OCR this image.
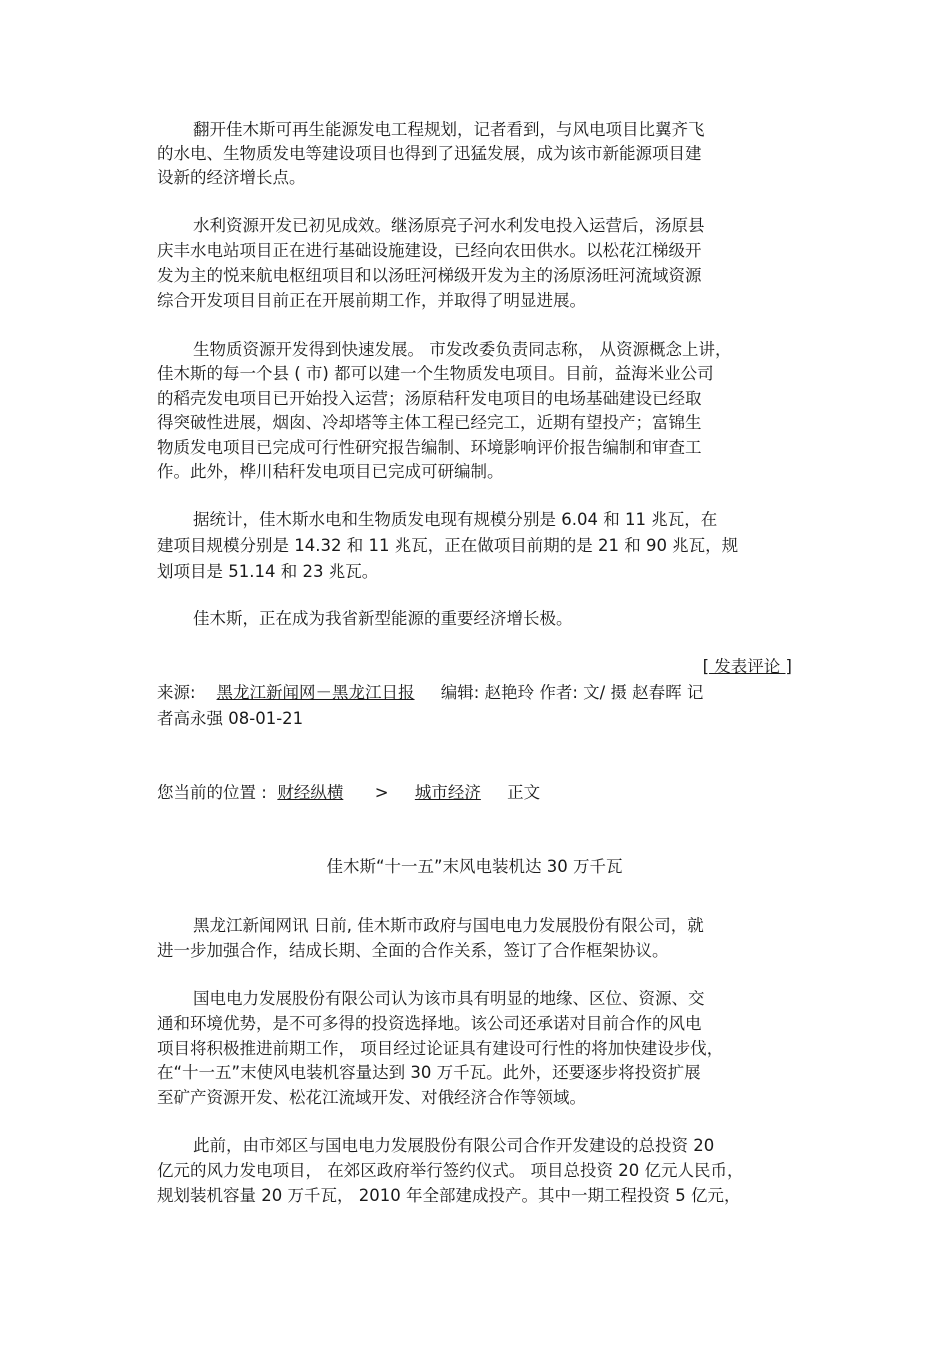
翻开佳木斯可再生能源发电工程规划，记者看到，与风电项目比翼齐飞

的水电、生物质发电等建设项目也得到了迅猛发展，成为该市新能源项目建

设新的经济增长点。

水利资源开发已初见成效。继汤原亮子河水利发电投入运营后，汤原县

庆丰水电站项目正在进行基础设施建设，已经向农田供水。以松花江梯级开

发为主的悦来航电枢纽项目和以汤旺河梯级开发为主的汤原汤旺河流域资源

综合开发项目目前正在开展前期工作，并取得了明显进展。

生物质资源开发得到快速发展。 市发改委负责同志称， 从资源概念上讲，

佳木斯的每一个县 ( 市) 都可以建一个生物质发电项目。目前，益海米业公司

的稻壳发电项目已开始投入运营；汤原秸秆发电项目的电场基础建设已经取

得突破性进展，烟囱、冷却塔等主体工程已经完工，近期有望投产；富锦生

物质发电项目已完成可行性研究报告编制、环境影响评价报告编制和审查工

作。此外，桦川秸秆发电项目已完成可研编制。

据统计，佳木斯水电和生物质发电现有规模分别是 6.04 和 11 兆瓦，在

建项目规模分别是 14.32 和 11 兆瓦，正在做项目前期的是 21 和 90 兆瓦，规

划项目是 51.14 和 23 兆瓦。

佳木斯，正在成为我省新型能源的重要经济增长极。

[ 发表评论 ]

来源: 黑龙江新闻网－黑龙江日报 编辑: 赵艳玲 作者: 文/ 摄 赵春晖 记

者高永强 08-01-21

您当前的位置 : 财经纵横 > 城市经济 正文

佳木斯“十一五”末风电装机达 30 万千瓦

黑龙江新闻网讯 日前, 佳木斯市政府与国电电力发展股份有限公司，就

进一步加强合作，结成长期、全面的合作关系，签订了合作框架协议。

国电电力发展股份有限公司认为该市具有明显的地缘、区位、资源、交

通和环境优势，是不可多得的投资选择地。该公司还承诺对目前合作的风电

项目将积极推进前期工作， 项目经过论证具有建设可行性的将加快建设步伐，

在“十一五”末使风电装机容量达到 30 万千瓦。此外，还要逐步将投资扩展

至矿产资源开发、松花江流域开发、对俄经济合作等领域。

此前，由市郊区与国电电力发展股份有限公司合作开发建设的总投资 20

亿元的风力发电项目， 在郊区政府举行签约仪式。 项目总投资 20 亿元人民币，

规划装机容量 20 万千瓦， 2010 年全部建成投产。其中一期工程投资 5 亿元，
